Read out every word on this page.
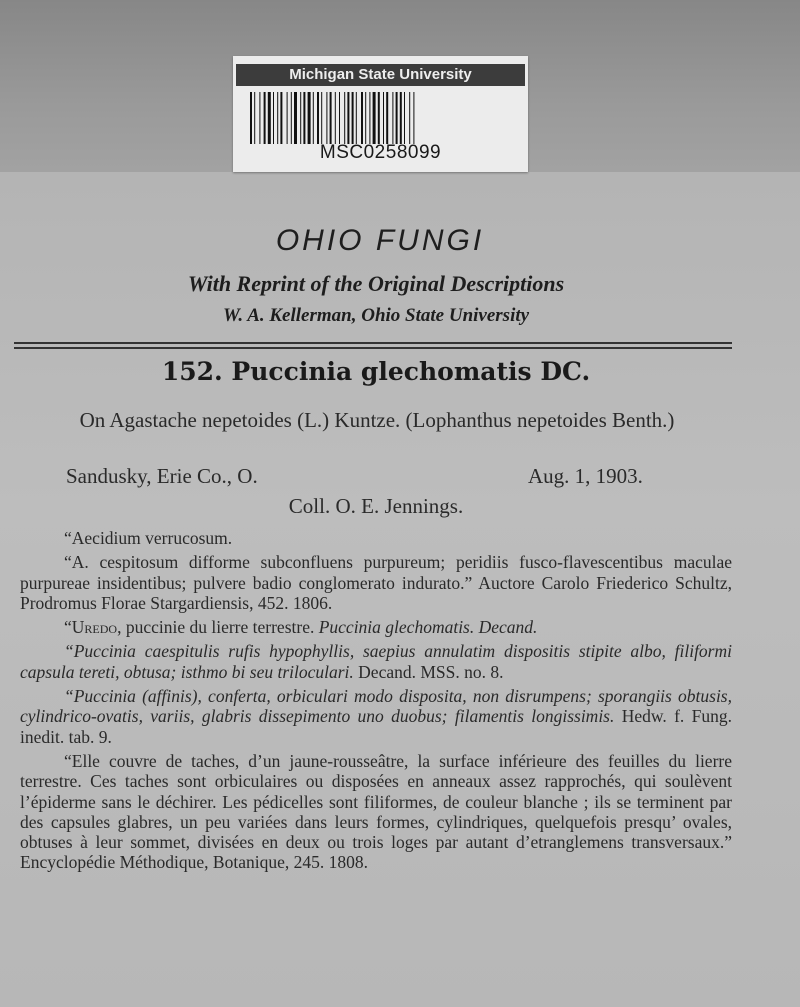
Michigan State University
MSC0258099
OHIO FUNGI
With Reprint of the Original Descriptions
W. A. Kellerman, Ohio State University
152. Puccinia glechomatis DC.
On Agastache nepetoides (L.) Kuntze. (Lophanthus nepetoides Benth.)
Sandusky, Erie Co., O.	Aug. 1, 1903.
Coll. O. E. Jennings.

“Aecidium verrucosum.

“A. cespitosum difforme subconfluens purpureum; peridiis fusco-flavescentibus maculae purpureae insidentibus; pulvere badio conglomerato indurato.” Auctore Carolo Friederico Schultz, Prodromus Florae Stargardiensis, 452. 1806.

“Uredo, puccinie du lierre terrestre. Puccinia glechomatis. Decand.

“Puccinia caespitulis rufis hypophyllis, saepius annulatim dispositis stipite albo, filiformi capsula tereti, obtusa; isthmo bi seu triloculari. Decand. MSS. no. 8.

“Puccinia (affinis), conferta, orbiculari modo disposita, non disrumpens; sporangiis obtusis, cylindrico-ovatis, variis, glabris dissepimento uno duobus; filamentis longissimis. Hedw. f. Fung. inedit. tab. 9.

“Elle couvre de taches, d’un jaune-rousseâtre, la surface inférieure des feuilles du lierre terrestre. Ces taches sont orbiculaires ou disposées en anneaux assez rapprochés, qui soulèvent l’épiderme sans le déchirer. Les pédicelles sont filiformes, de couleur blanche ; ils se terminent par des capsules glabres, un peu variées dans leurs formes, cylindriques, quelquefois presqu’ ovales, obtuses à leur sommet, divisées en deux ou trois loges par autant d’etranglemens transversaux.” Encyclopédie Méthodique, Botanique, 245. 1808.
